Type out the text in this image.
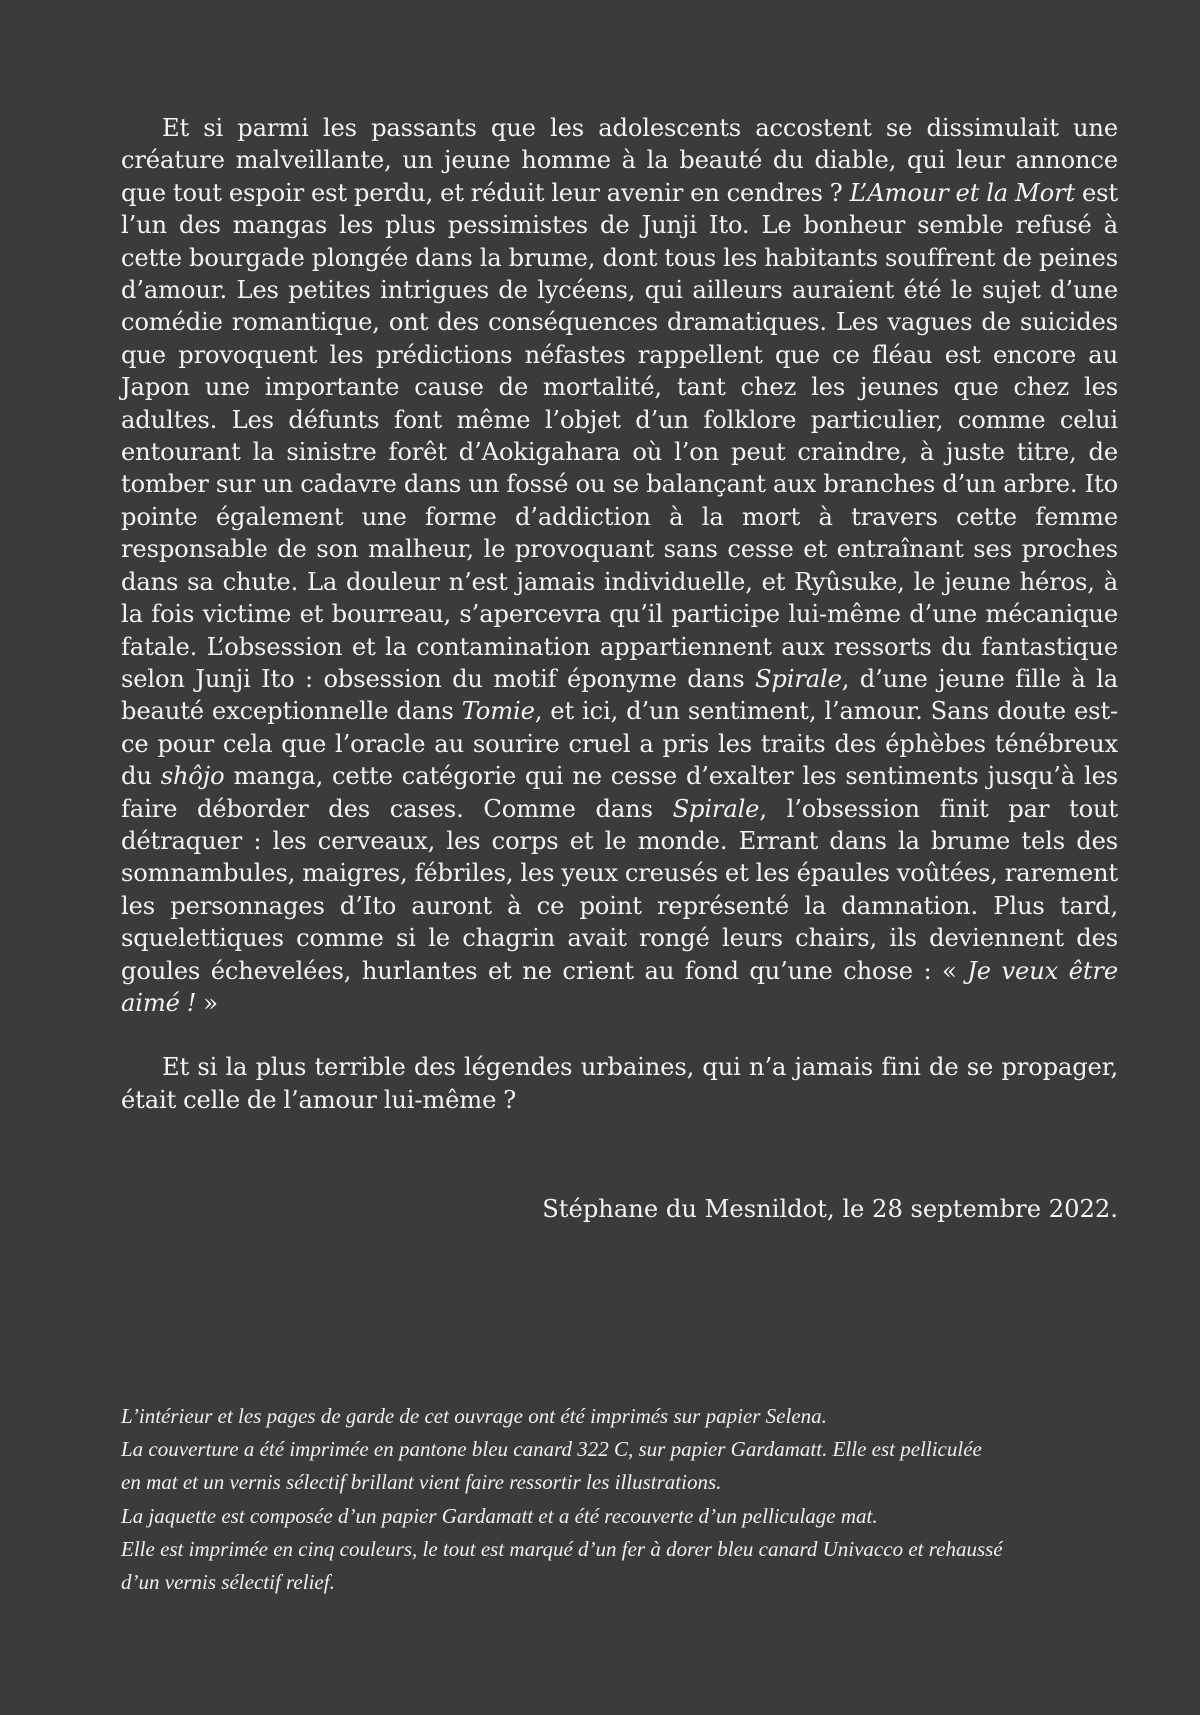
Et si parmi les passants que les adolescents accostent se dissimulait une créature malveillante, un jeune homme à la beauté du diable, qui leur annonce que tout espoir est perdu, et réduit leur avenir en cendres ? L’Amour et la Mort est l’un des mangas les plus pessimistes de Junji Ito. Le bonheur semble refusé à cette bourgade plongée dans la brume, dont tous les habitants souffrent de peines d’amour. Les petites intrigues de lycéens, qui ailleurs auraient été le sujet d’une comédie romantique, ont des conséquences dramatiques. Les vagues de suicides que provoquent les prédictions néfastes rappellent que ce fléau est encore au Japon une importante cause de mortalité, tant chez les jeunes que chez les adultes. Les défunts font même l’objet d’un folklore particulier, comme celui entourant la sinistre forêt d’Aokigahara où l’on peut craindre, à juste titre, de tomber sur un cadavre dans un fossé ou se balançant aux branches d’un arbre. Ito pointe également une forme d’addiction à la mort à travers cette femme responsable de son malheur, le provoquant sans cesse et entraînant ses proches dans sa chute. La douleur n’est jamais individuelle, et Ryûsuke, le jeune héros, à la fois victime et bourreau, s’apercevra qu’il participe lui-même d’une mécanique fatale. L’obsession et la contamination appartiennent aux ressorts du fantastique selon Junji Ito : obsession du motif éponyme dans Spirale, d’une jeune fille à la beauté exceptionnelle dans Tomie, et ici, d’un sentiment, l’amour. Sans doute est-ce pour cela que l’oracle au sourire cruel a pris les traits des éphèbes ténébreux du shôjo manga, cette catégorie qui ne cesse d’exalter les sentiments jusqu’à les faire déborder des cases. Comme dans Spirale, l’obsession finit par tout détraquer : les cerveaux, les corps et le monde. Errant dans la brume tels des somnambules, maigres, fébriles, les yeux creusés et les épaules voûtées, rarement les personnages d’Ito auront à ce point représenté la damnation. Plus tard, squelettiques comme si le chagrin avait rongé leurs chairs, ils deviennent des goules échevelées, hurlantes et ne crient au fond qu’une chose : « Je veux être aimé ! »

Et si la plus terrible des légendes urbaines, qui n’a jamais fini de se propager, était celle de l’amour lui-même ?

Stéphane du Mesnildot, le 28 septembre 2022.
L’intérieur et les pages de garde de cet ouvrage ont été imprimés sur papier Selena.
La couverture a été imprimée en pantone bleu canard 322 C, sur papier Gardamatt. Elle est pelliculée
en mat et un vernis sélectif brillant vient faire ressortir les illustrations.
La jaquette est composée d’un papier Gardamatt et a été recouverte d’un pelliculage mat.
Elle est imprimée en cinq couleurs, le tout est marqué d’un fer à dorer bleu canard Univacco et rehaussé
d’un vernis sélectif relief.
